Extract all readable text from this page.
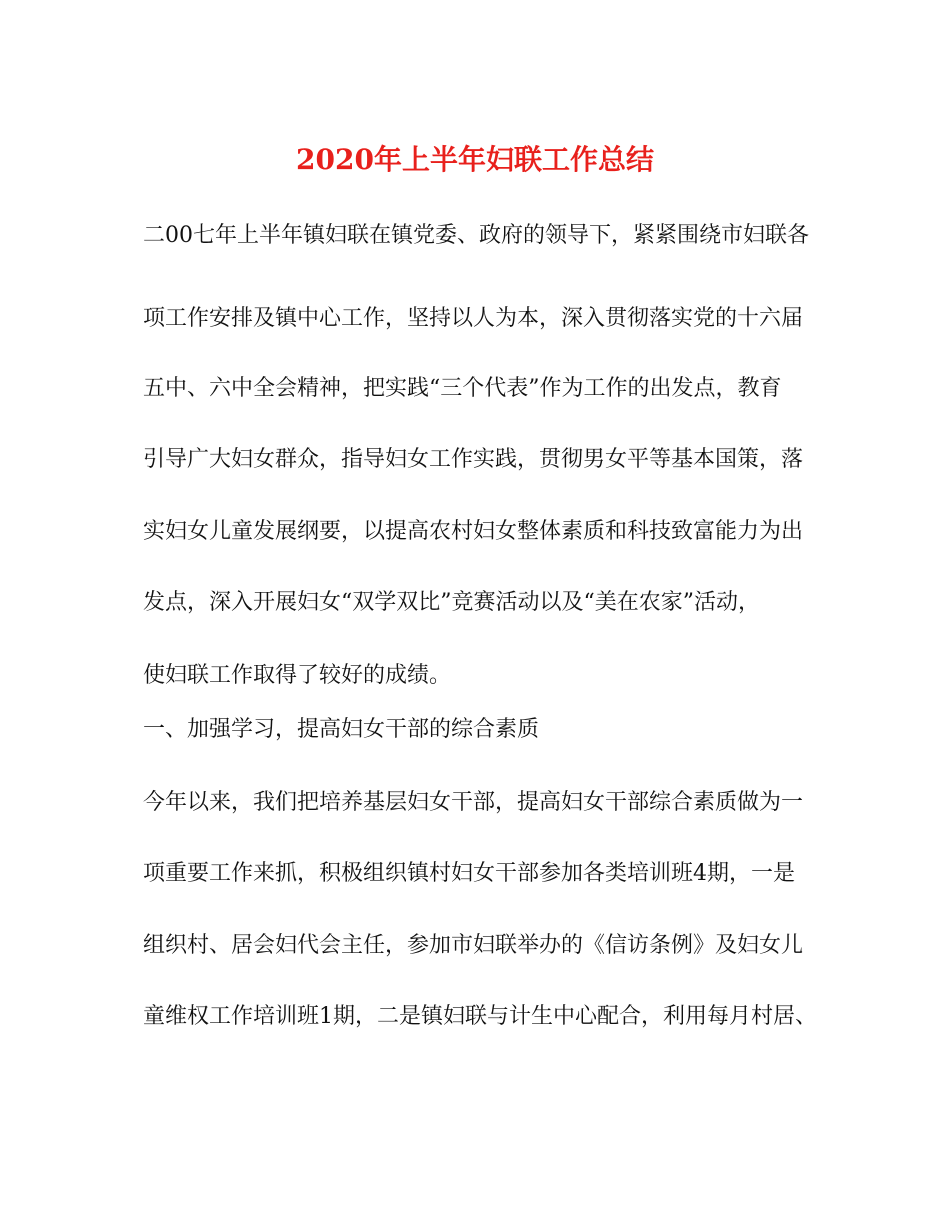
2020年上半年妇联工作总结
二00七年上半年镇妇联在镇党委、政府的领导下，紧紧围绕市妇联各
项工作安排及镇中心工作，坚持以人为本，深入贯彻落实党的十六届
五中、六中全会精神，把实践“三个代表”作为工作的出发点，教育
引导广大妇女群众，指导妇女工作实践，贯彻男女平等基本国策，落
实妇女儿童发展纲要，以提高农村妇女整体素质和科技致富能力为出
发点，深入开展妇女“双学双比”竞赛活动以及“美在农家”活动，
使妇联工作取得了较好的成绩。
一、加强学习，提高妇女干部的综合素质
今年以来，我们把培养基层妇女干部，提高妇女干部综合素质做为一
项重要工作来抓，积极组织镇村妇女干部参加各类培训班4期，一是
组织村、居会妇代会主任，参加市妇联举办的《信访条例》及妇女儿
童维权工作培训班1期，二是镇妇联与计生中心配合，利用每月村居、
